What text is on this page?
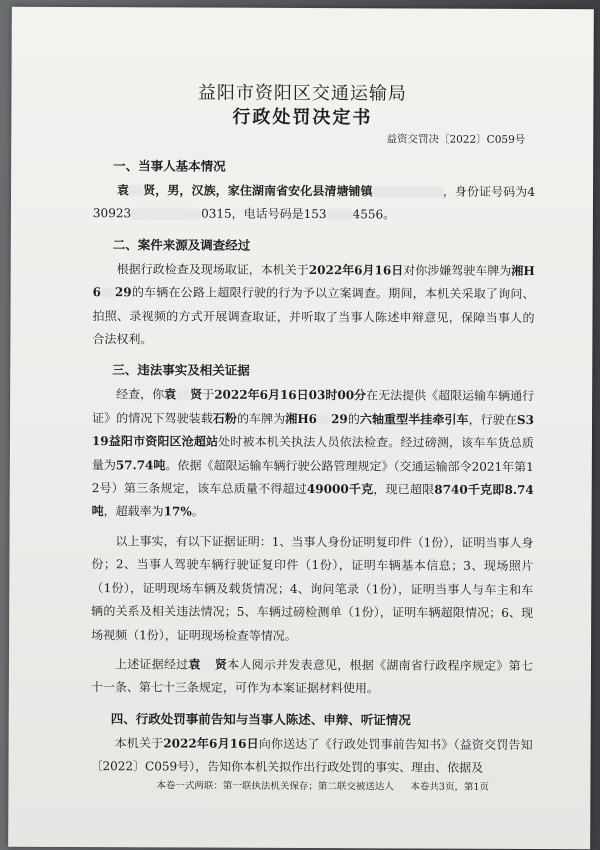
益阳市资阳区交通运输局
行政处罚决定书
益资交罚决〔2022〕C059号

一、当事人基本情况

袁 贤，男，汉族，家住湖南省安化县清塘铺镇	，身份证号码为430923	0315，电话号码是153 4556。

二、案件来源及调查经过

根据行政检查及现场取证，本机关于2022年6月16日对你涉嫌驾驶车牌为湘H6 29的车辆在公路上超限行驶的行为予以立案调查。期间，本机关采取了询问、拍照、录视频的方式开展调查取证，并听取了当事人陈述申辩意见，保障当事人的合法权利。

三、违法事实及相关证据

经查，你袁 贤于2022年6月16日03时00分在无法提供《超限运输车辆通行证》的情况下驾驶装载石粉的车牌为湘H6 29的六轴重型半挂牵引车，行驶在S319益阳市资阳区沧超站处时被本机关执法人员依法检查。经过磅测，该车车货总质量为57.74吨。依据《超限运输车辆行驶公路管理规定》（交通运输部令2021年第12号）第三条规定，该车总质量不得超过49000千克，现已超限8740千克即8.74吨，超载率为17%。

以上事实，有以下证据证明：1、当事人身份证明复印件（1份），证明当事人身份；2、当事人驾驶车辆行驶证复印件（1份），证明车辆基本信息；3、现场照片（1份），证明现场车辆及载货情况；4、询问笔录（1份），证明当事人与车主和车辆的关系及相关违法情况；5、车辆过磅检测单（1份），证明车辆超限情况；6、现场视频（1份），证明现场检查等情况。

上述证据经过袁 贤本人阅示并发表意见，根据《湖南省行政程序规定》第七十一条、第七十三条规定，可作为本案证据材料使用。

四、行政处罚事前告知与当事人陈述、申辩、听证情况

本机关于2022年6月16日向你送达了《行政处罚事前告知书》（益资交罚告知〔2022〕C059号），告知你本机关拟作出行政处罚的事实、理由、依据及

本卷一式两联：第一联执法机关保存；第二联交被送达人 本卷共3页，第1页
